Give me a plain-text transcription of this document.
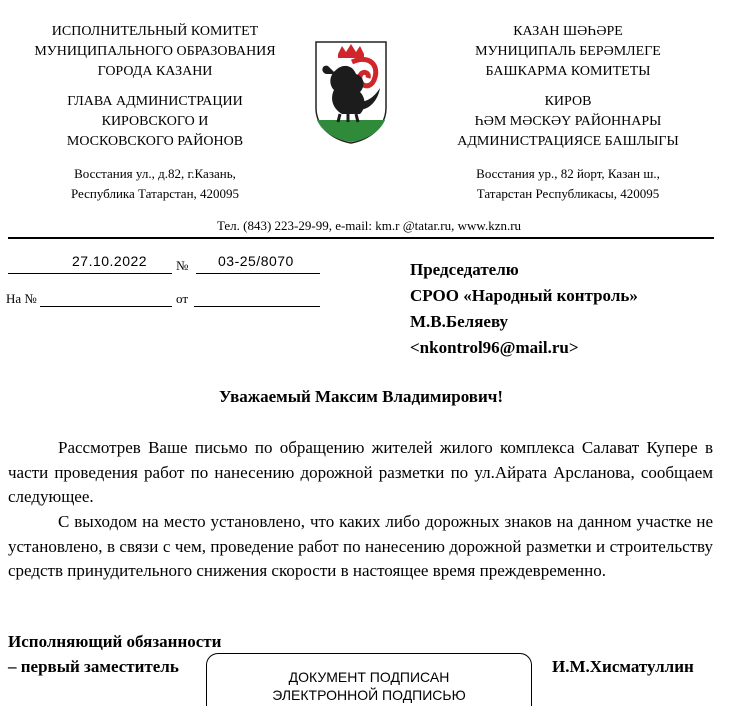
ИСПОЛНИТЕЛЬНЫЙ КОМИТЕТ
МУНИЦИПАЛЬНОГО ОБРАЗОВАНИЯ
ГОРОДА КАЗАНИ
ГЛАВА АДМИНИСТРАЦИИ
КИРОВСКОГО И
МОСКОВСКОГО РАЙОНОВ
Восстания ул., д.82, г.Казань,
Республика Татарстан, 420095
КАЗАН ШӘҺӘРЕ
МУНИЦИПАЛЬ БЕРӘМЛЕГЕ
БАШКАРМА КОМИТЕТЫ
КИРОВ
ҺӘМ МӘСКӘҮ РАЙОННАРЫ
АДМИНИСТРАЦИЯСЕ БАШЛЫГЫ
Восстания ур., 82 йорт, Казан ш.,
Татарстан Республикасы, 420095
Тел. (843) 223-29-99, e-mail: km.r @tatar.ru, www.kzn.ru
27.10.2022 № 03-25/8070
На №	от
Председателю
СРОО «Народный контроль»
М.В.Беляеву
<nkontrol96@mail.ru>
Уважаемый Максим Владимирович!
Рассмотрев Ваше письмо по обращению жителей жилого комплекса Салават Купере в части проведения работ по нанесению дорожной разметки по ул.Айрата Арсланова, сообщаем следующее.
С выходом на место установлено, что каких либо дорожных знаков на данном участке не установлено, в связи с чем, проведение работ по нанесению дорожной разметки и строительству средств принудительного снижения скорости в настоящее время преждевременно.
Исполняющий обязанности
– первый заместитель	И.М.Хисматуллин
ДОКУМЕНТ ПОДПИСАН
ЭЛЕКТРОННОЙ ПОДПИСЬЮ
